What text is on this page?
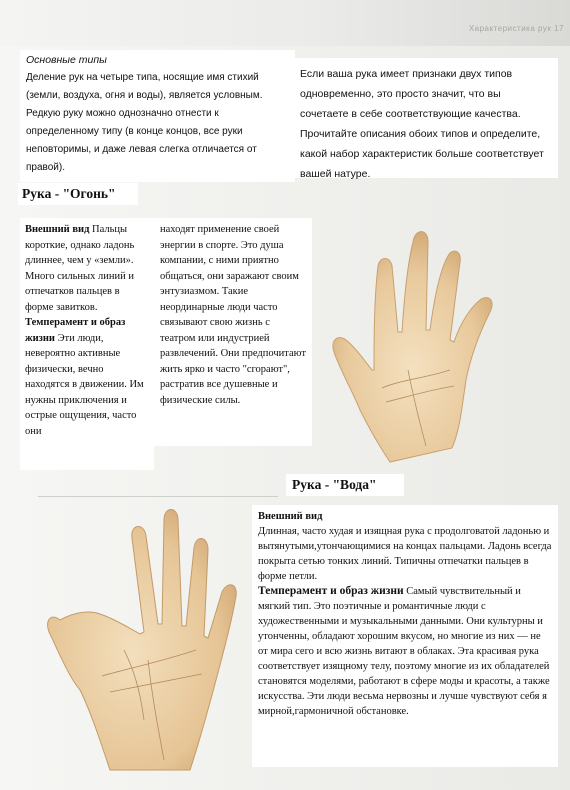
Характеристика рук 17
Основные типы
Деление рук на четыре типа, носящие имя стихий (земли, воздуха, огня и воды), является условным. Редкую руку можно однозначно отнести к определенному типу (в конце концов, все руки неповторимы, и даже левая слегка отличается от правой).
Если ваша рука имеет признаки двух типов одновременно, это просто значит, что вы сочетаете в себе соответствующие качества. Прочитайте описания обоих типов и определите, какой набор характеристик больше соответствует вашей натуре.
Рука - "Огонь"
Внешний вид Пальцы короткие, однако ладонь длиннее, чем у «земли». Много сильных линий и отпечатков пальцев в форме завитков.
Темперамент и образ жизни Эти люди, невероятно активные физически, вечно находятся в движении. Им нужны приключения и острые ощущения, часто они
находят применение своей энергии в спорте. Это душа компании, с ними приятно общаться, они заражают своим энтузиазмом. Такие неординарные люди часто связывают свою жизнь с театром или индустрией развлечений. Они предпочитают жить ярко и часто "сгорают", растратив все душевные и физические силы.
Рука - "Вода"
Внешний вид
Длинная, часто худая и изящная рука с продолговатой ладонью и вытянутыми,утончающимися на концах пальцами. Ладонь всегда покрыта сетью тонких линий. Типичны отпечатки пальцев в форме петли.
Темперамент и образ жизни Самый чувствительный и мягкий тип. Это поэтичные и романтичные люди с художественными и музыкальными данными. Они культурны и утонченны, обладают хорошим вкусом, но многие из них — не от мира сего и всю жизнь витают в облаках. Эта красивая рука соответствует изящному телу, поэтому многие из их обладателей становятся моделями, работают в сфере моды и красоты, а также искусства. Эти люди весьма нервозны и лучше чувствуют себя я мирной,гармоничной обстановке.
